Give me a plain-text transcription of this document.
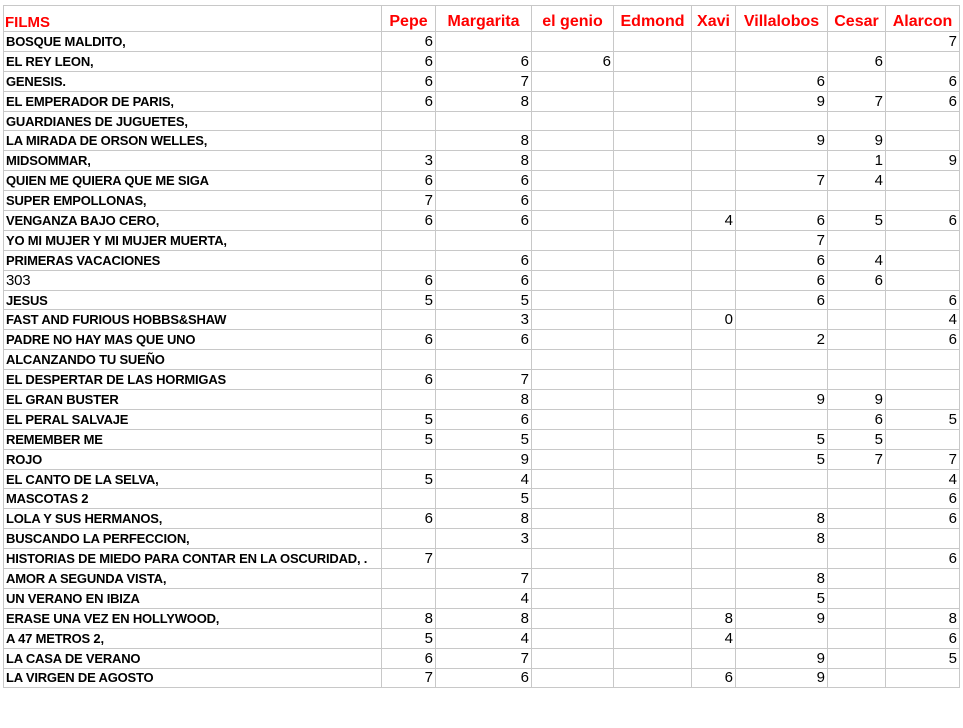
FILMS	Pepe	Margarita	el genio	Edmond	Xavi	Villalobos	Cesar	Alarcon
BOSQUE MALDITO,	6							7
EL REY LEON,	6	6	6				6	
GENESIS.	6	7				6		6
EL EMPERADOR DE PARIS,	6	8				9	7	6
GUARDIANES DE JUGUETES,								
LA MIRADA DE ORSON WELLES,		8				9	9	
MIDSOMMAR,	3	8					1	9
QUIEN ME QUIERA QUE ME SIGA	6	6				7	4	
SUPER EMPOLLONAS,	7	6						
VENGANZA BAJO CERO,	6	6			4	6	5	6
YO MI MUJER Y MI MUJER MUERTA,						7		
PRIMERAS VACACIONES		6				6	4	
303	6	6				6	6	
JESUS	5	5				6		6
FAST AND FURIOUS HOBBS&SHAW		3			0			4
PADRE NO HAY MAS QUE UNO	6	6				2		6
ALCANZANDO TU SUEÑO								
EL DESPERTAR DE LAS HORMIGAS	6	7						
EL GRAN BUSTER		8				9	9	
EL PERAL SALVAJE	5	6					6	5
REMEMBER ME	5	5				5	5	
ROJO		9				5	7	7
EL CANTO DE LA SELVA,	5	4						4
MASCOTAS 2		5						6
LOLA Y SUS HERMANOS,	6	8				8		6
BUSCANDO LA PERFECCION,		3				8		
HISTORIAS DE MIEDO PARA CONTAR EN LA OSCURIDAD, .	7							6
AMOR A SEGUNDA VISTA,		7				8		
UN VERANO EN IBIZA		4				5		
ERASE UNA VEZ EN HOLLYWOOD,	8	8			8	9		8
A 47 METROS 2,	5	4			4			6
LA CASA DE VERANO	6	7				9		5
LA VIRGEN DE AGOSTO	7	6			6	9		
